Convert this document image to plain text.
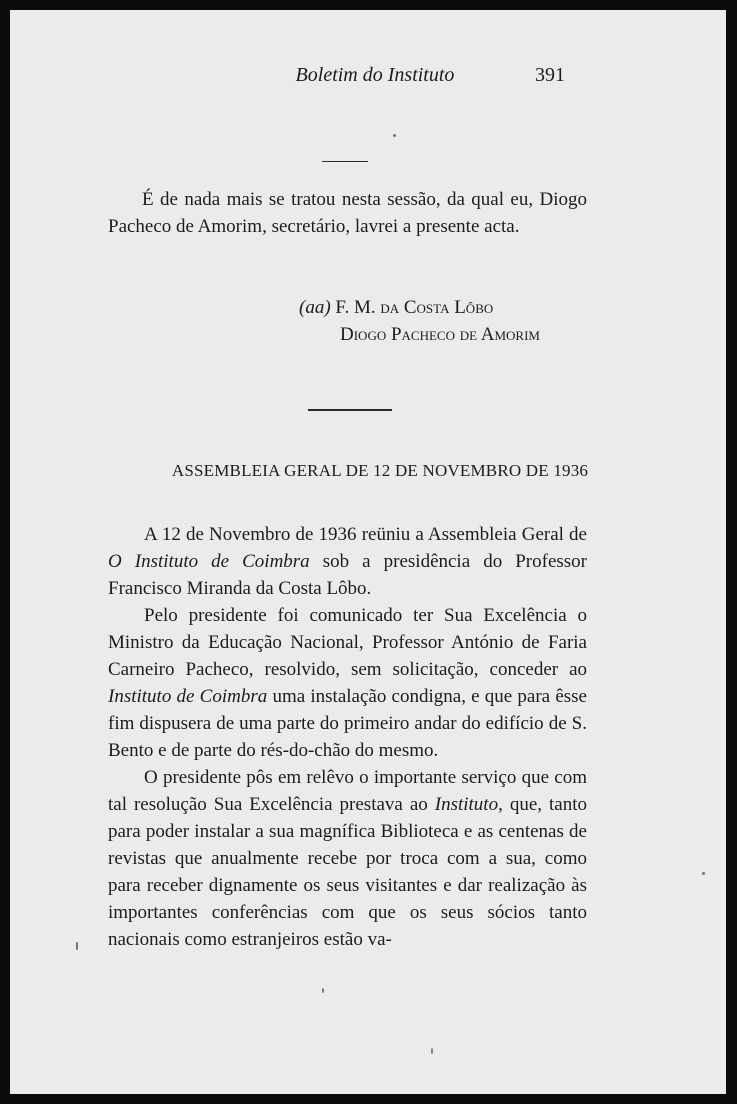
Boletim do Instituto	391

É de nada mais se tratou nesta sessão, da qual eu, Diogo Pacheco de Amorim, secretário, lavrei a presente acta.

(aa) F. M. da Costa Lôbo
Diogo Pacheco de Amorim
ASSEMBLEIA GERAL DE 12 DE NOVEMBRO DE 1936

A 12 de Novembro de 1936 reüniu a Assembleia Geral de O Instituto de Coimbra sob a presidência do Professor Francisco Miranda da Costa Lôbo.

Pelo presidente foi comunicado ter Sua Excelência o Ministro da Educação Nacional, Professor António de Faria Carneiro Pacheco, resolvido, sem solicitação, conceder ao Instituto de Coimbra uma instalação condigna, e que para êsse fim dispusera de uma parte do primeiro andar do edifício de S. Bento e de parte do rés-do-chão do mesmo.

O presidente pôs em relêvo o importante serviço que com tal resolução Sua Excelência prestava ao Instituto, que, tanto para poder instalar a sua magnífica Biblioteca e as centenas de revistas que anualmente recebe por troca com a sua, como para receber dignamente os seus visitantes e dar realização às importantes conferências com que os seus sócios tanto nacionais como estranjeiros estão va-
